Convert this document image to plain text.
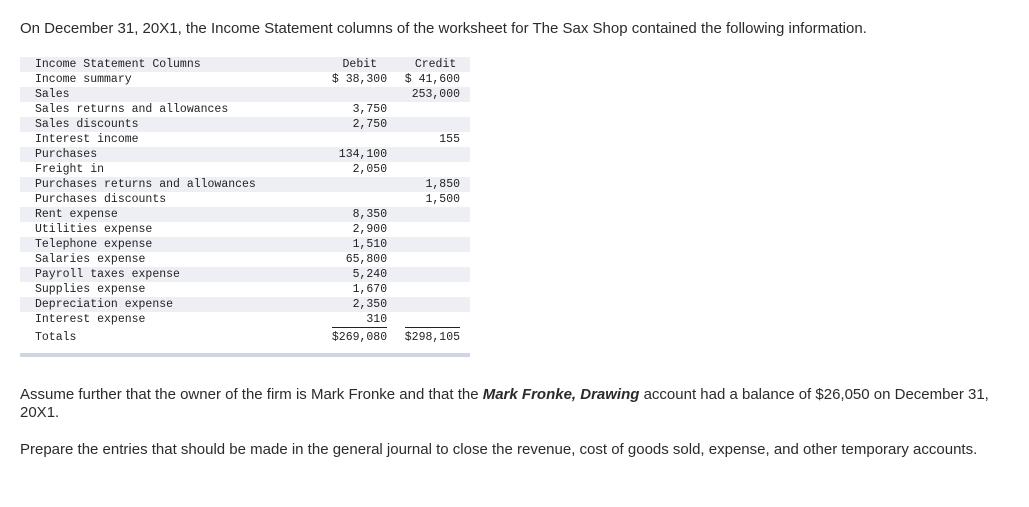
On December 31, 20X1, the Income Statement columns of the worksheet for The Sax Shop contained the following information.

Income Statement Columns	Debit	Credit
Income summary	$ 38,300	$ 41,600
Sales		253,000
Sales returns and allowances	3,750	
Sales discounts	2,750	
Interest income		155
Purchases	134,100	
Freight in	2,050	
Purchases returns and allowances		1,850
Purchases discounts		1,500
Rent expense	8,350	
Utilities expense	2,900	
Telephone expense	1,510	
Salaries expense	65,800	
Payroll taxes expense	5,240	
Supplies expense	1,670	
Depreciation expense	2,350	
Interest expense	310	
Totals	$269,080	$298,105

Assume further that the owner of the firm is Mark Fronke and that the Mark Fronke, Drawing account had a balance of $26,050 on December 31, 20X1.

Prepare the entries that should be made in the general journal to close the revenue, cost of goods sold, expense, and other temporary accounts.
